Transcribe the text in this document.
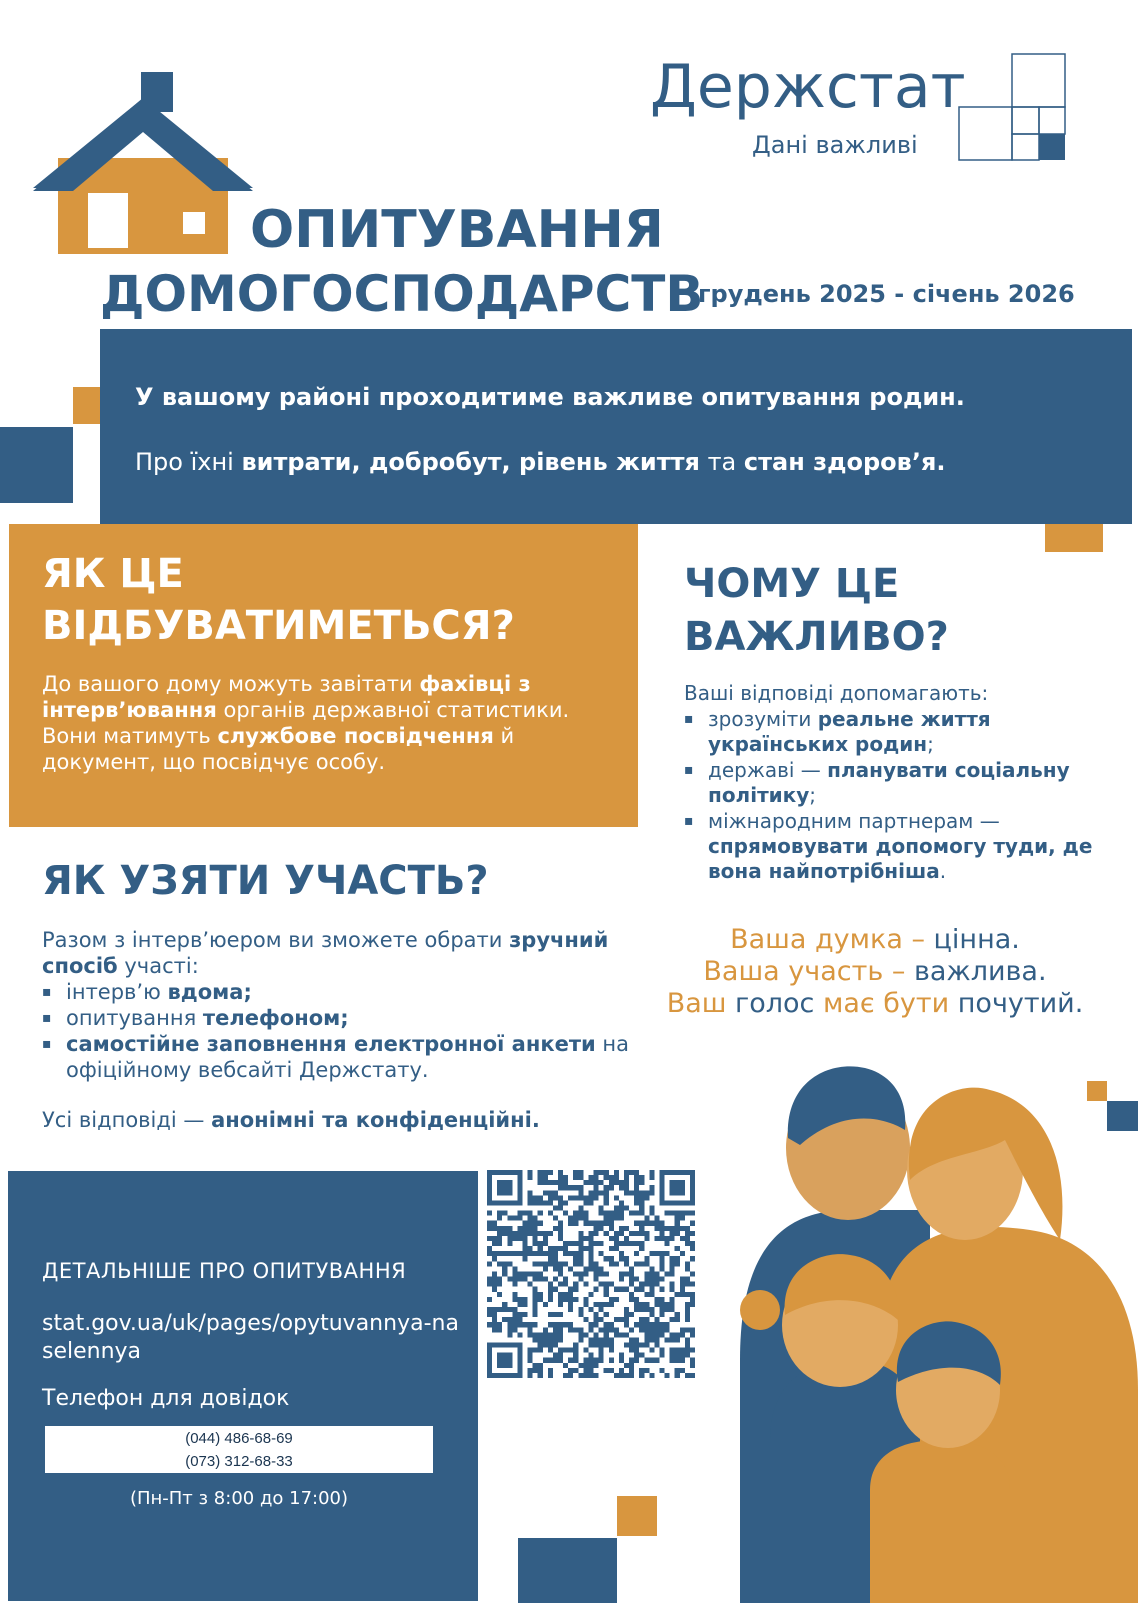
Держстат
Дані важливі
ОПИТУВАННЯ
ДОМОГОСПОДАРСТВ
грудень 2025 - січень 2026
У вашому районі проходитиме важливе опитування родин.
Про їхні витрати, добробут, рівень життя та стан здоров’я.
ЯК ЦЕ
ВІДБУВАТИМЕТЬСЯ?
До вашого дому можуть завітати фахівці з інтерв’ювання органів державної статистики. Вони матимуть службове посвідчення й документ, що посвідчує особу.
ЧОМУ ЦЕ
ВАЖЛИВО?
Ваші відповіді допомагають:
▪ зрозуміти реальне життя українських родин;
▪ державі — планувати соціальну політику;
▪ міжнародним партнерам — спрямовувати допомогу туди, де вона найпотрібніша.
Ваша думка – цінна.
Ваша участь – важлива.
Ваш голос має бути почутий.
ЯК УЗЯТИ УЧАСТЬ?
Разом з інтерв’юером ви зможете обрати зручний спосіб участі:
▪ інтерв’ю вдома;
▪ опитування телефоном;
▪ самостійне заповнення електронної анкети на офіційному вебсайті Держстату.
Усі відповіді — анонімні та конфіденційні.
ДЕТАЛЬНІШЕ ПРО ОПИТУВАННЯ
stat.gov.ua/uk/pages/opytuvannya-naselennya
Телефон для довідок
(044) 486-68-69
(073) 312-68-33
(Пн-Пт з 8:00 до 17:00)
